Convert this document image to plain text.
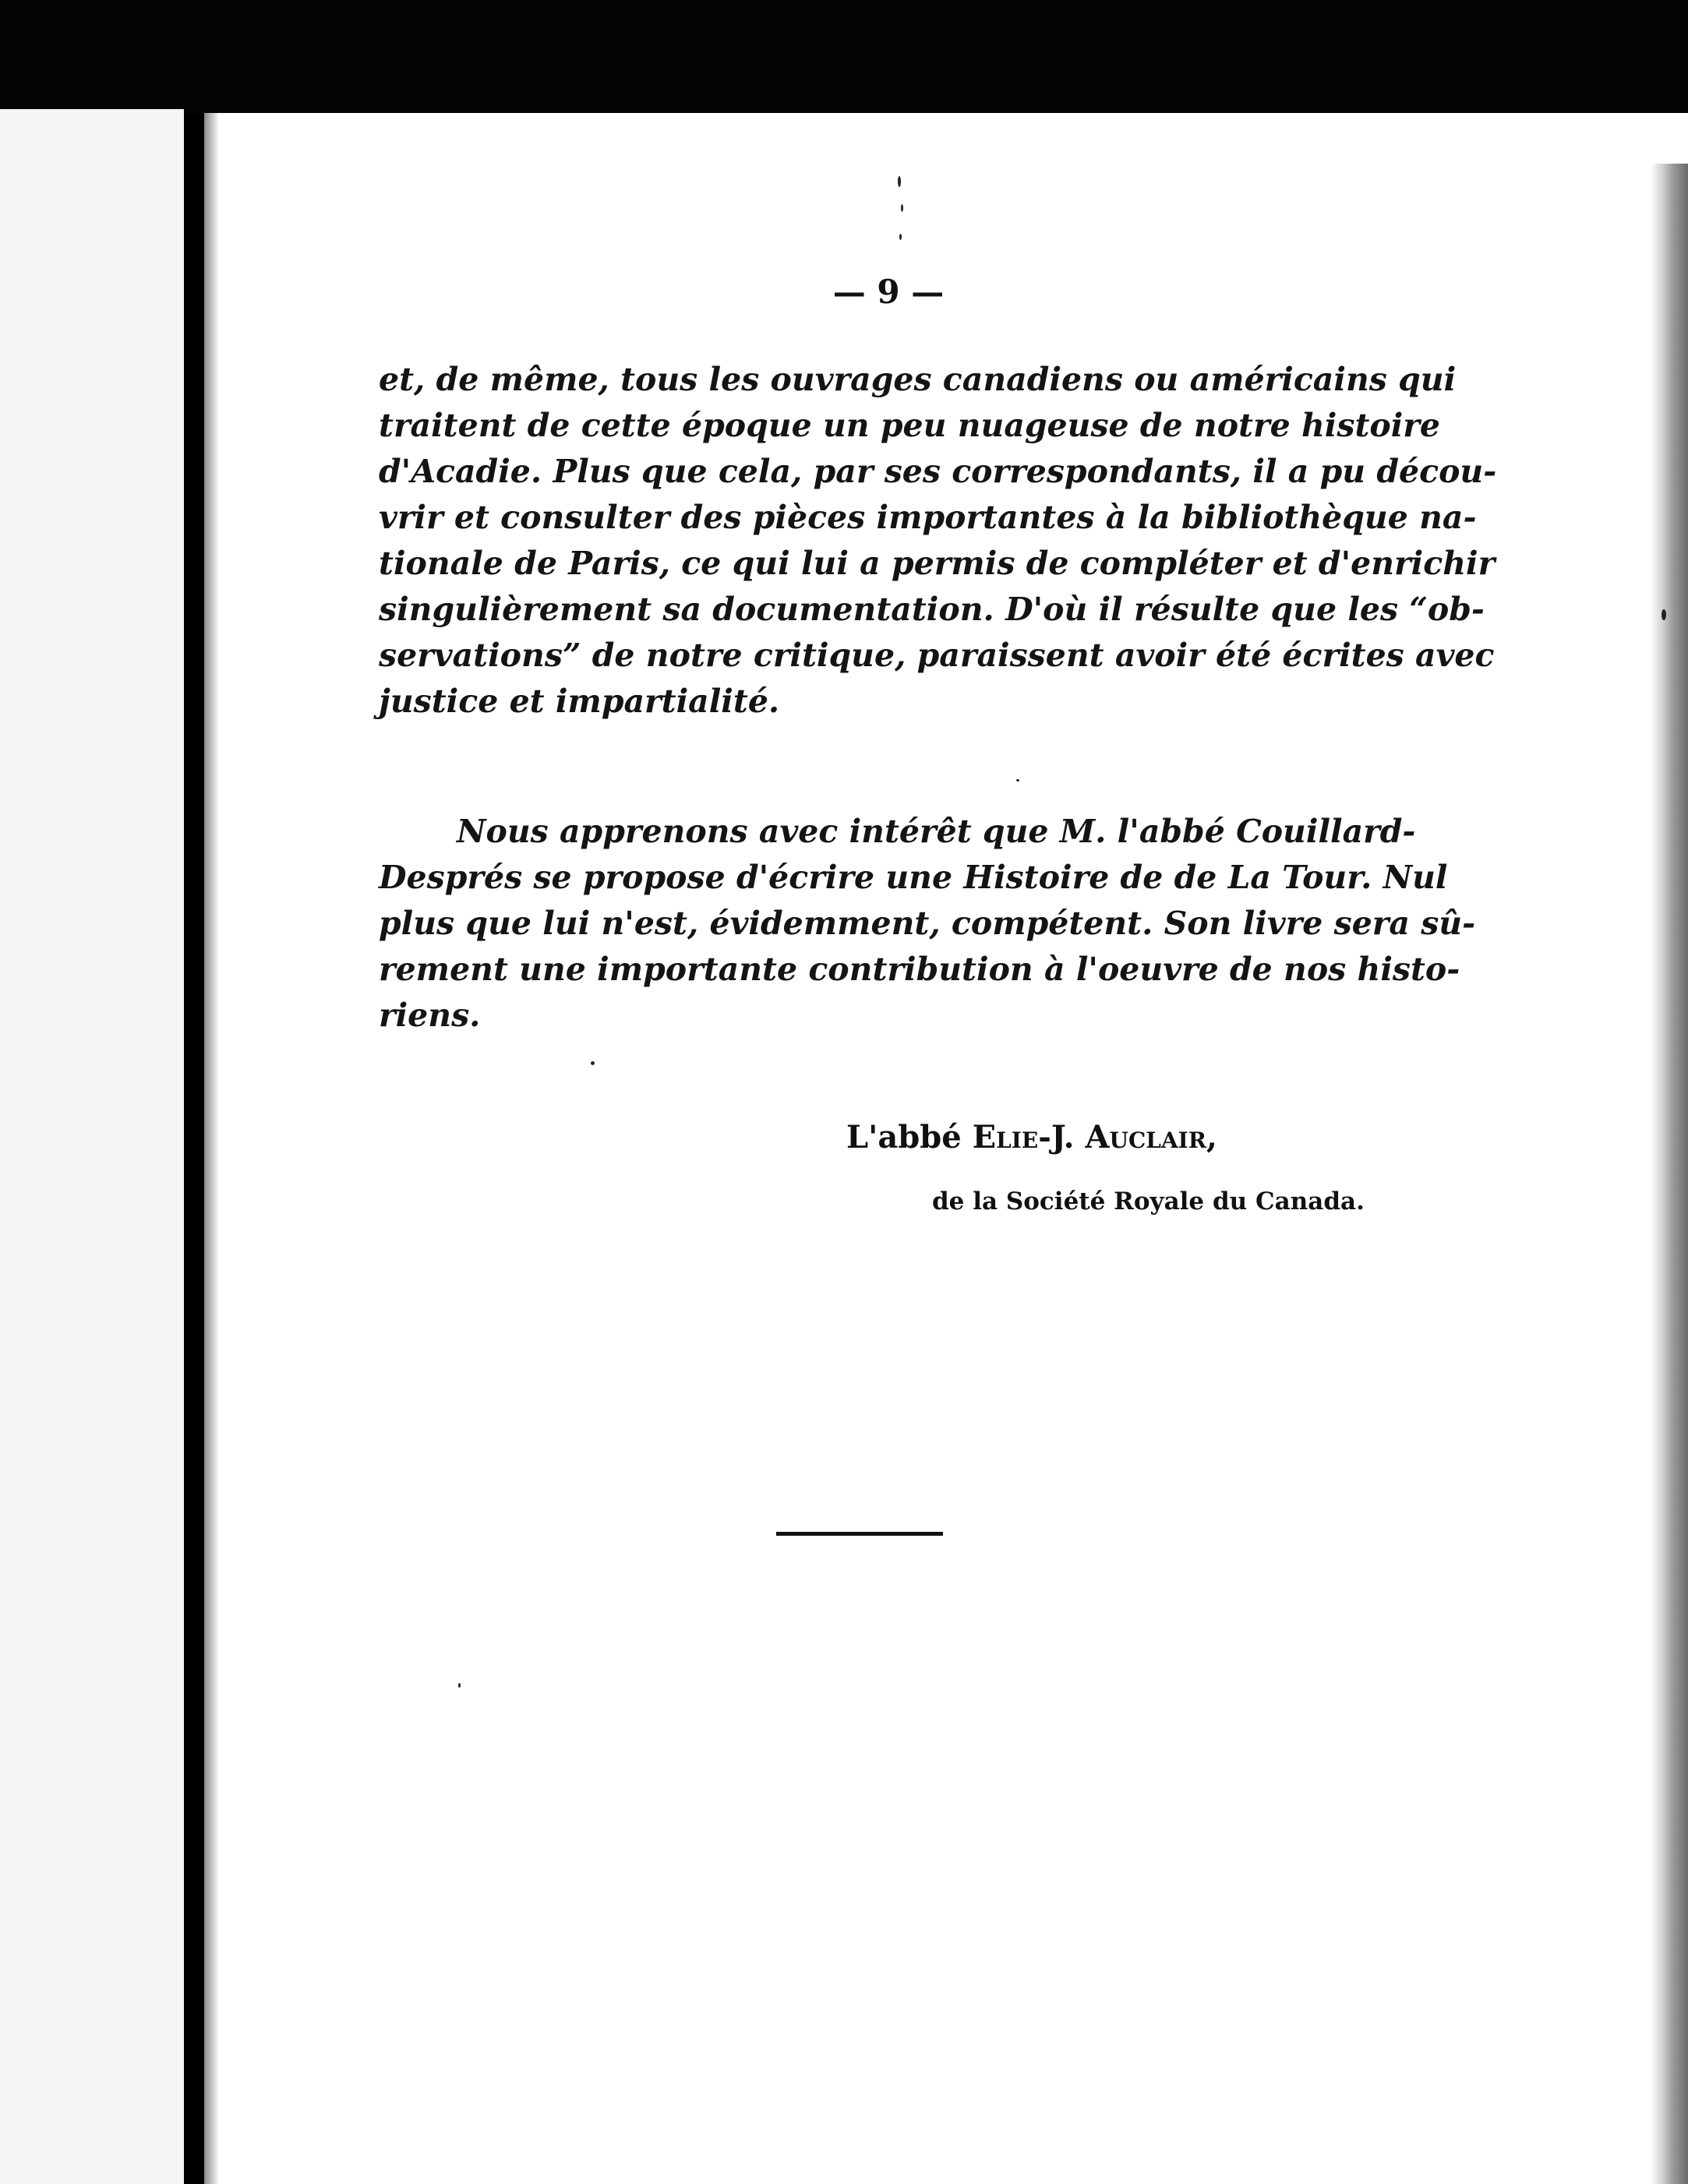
— 9 —
et, de même, tous les ouvrages canadiens ou américains qui
traitent de cette époque un peu nuageuse de notre histoire
d'Acadie. Plus que cela, par ses correspondants, il a pu décou-
vrir et consulter des pièces importantes à la bibliothèque na-
tionale de Paris, ce qui lui a permis de compléter et d'enrichir
singulièrement sa documentation. D'où il résulte que les “ob-
servations” de notre critique, paraissent avoir été écrites avec
justice et impartialité.
Nous apprenons avec intérêt que M. l'abbé Couillard-
Després se propose d'écrire une Histoire de de La Tour. Nul
plus que lui n'est, évidemment, compétent. Son livre sera sû-
rement une importante contribution à l'oeuvre de nos histo-
riens.
L'abbé Elie-J. Auclair,
de la Société Royale du Canada.
